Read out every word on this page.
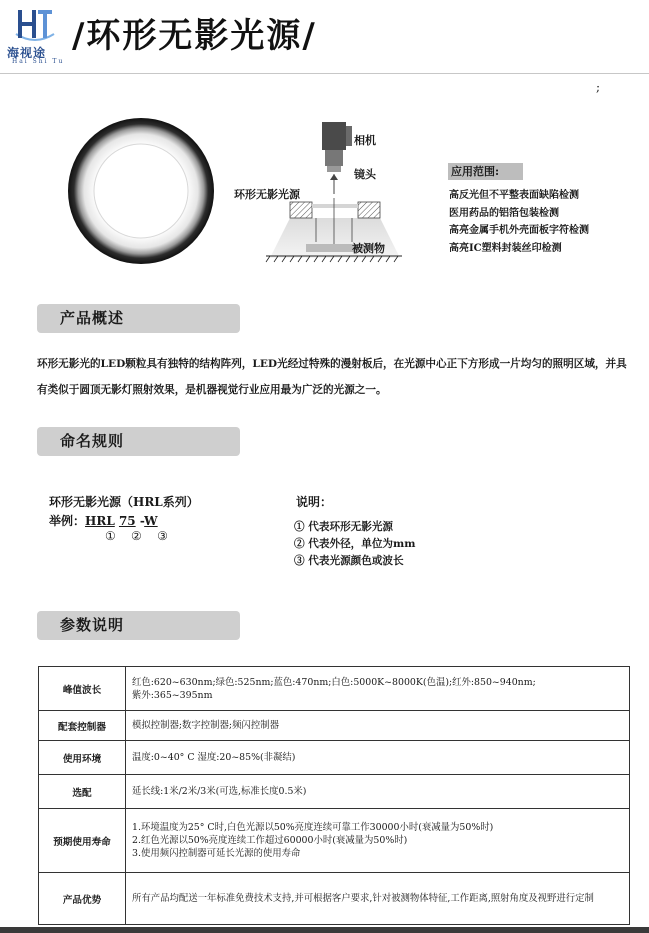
海视途
Hai Shi Tu
/环形无影光源/
;
相机
镜头
环形无影光源
被测物
应用范围:
高反光但不平整表面缺陷检测
医用药品的铝箔包装检测
高亮金属手机外壳面板字符检测
高亮IC塑料封装丝印检测
产品概述
环形无影光的LED颗粒具有独特的结构阵列，LED光经过特殊的漫射板后，在光源中心正下方形成一片均匀的照明区域，并具有类似于圆顶无影灯照射效果，是机器视觉行业应用最为广泛的光源之一。
命名规则
环形无影光源（HRL系列）
举例：HRL 75 -W
① ② ③
说明：
① 代表环形无影光源
② 代表外径，单位为mm
③ 代表光源颜色或波长
参数说明
峰值波长	红色:620~630nm;绿色:525nm;蓝色:470nm;白色:5000K~8000K(色温);红外:850~940nm;
紫外:365~395nm
配套控制器	模拟控制器;数字控制器;频闪控制器
使用环境	温度:0~40° C 湿度:20~85%(非凝结)
选配	延长线:1米/2米/3米(可选,标准长度0.5米)
预期使用寿命	1.环境温度为25° C时,白色光源以50%亮度连续可靠工作30000小时(衰减量为50%时)
2.红色光源以50%亮度连续工作超过60000小时(衰减量为50%时)
3.使用频闪控制器可延长光源的使用寿命
产品优势	所有产品均配送一年标准免费技术支持,并可根据客户要求,针对被测物体特征,工作距离,照射角度及视野进行定制
